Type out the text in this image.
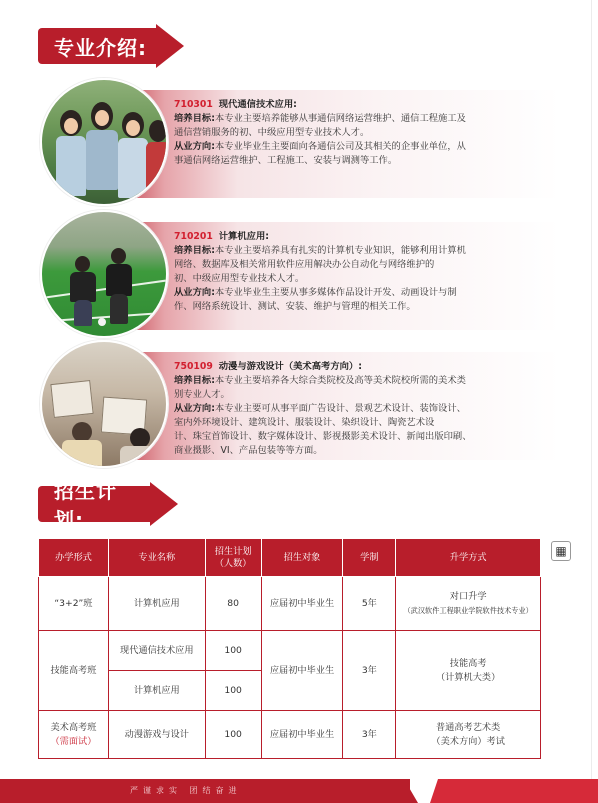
专业介绍:

710301 现代通信技术应用:

培养目标:本专业主要培养能够从事通信网络运营维护、通信工程施工及

通信营销服务的初、中级应用型专业技术人才。

从业方向:本专业毕业生主要面向各通信公司及其相关的企事业单位，从

事通信网络运营维护、工程施工、安装与调测等工作。

710201 计算机应用:

培养目标:本专业主要培养具有扎实的计算机专业知识，能够利用计算机

网络、数据库及相关常用软件应用解决办公自动化与网络维护的

初、中级应用型专业技术人才。

从业方向:本专业毕业生主要从事多媒体作品设计开发、动画设计与制

作、网络系统设计、测试、安装、维护与管理的相关工作。

750109 动漫与游戏设计（美术高考方向）:

培养目标:本专业主要培养各大综合类院校及高等美术院校所需的美术类

别专业人才。

从业方向:本专业主要可从事平面广告设计、景观艺术设计、装饰设计、

室内外环境设计、建筑设计、服装设计、染织设计、陶瓷艺术设

计、珠宝首饰设计、数字媒体设计、影视摄影美术设计、新闻出版印刷、

商业摄影、VI、产品包装等等方面。

招生计划:
办学形式	专业名称	招生计划
（人数）	招生对象	学制	升学方式
“3+2”班	计算机应用	80	应届初中毕业生	5年	对口升学
（武汉软件工程职业学院软件技术专业）
技能高考班	现代通信技术应用	100	应届初中毕业生	3年	技能高考
（计算机大类）
	计算机应用	100			
美术高考班
（需面试）	动漫游戏与设计	100	应届初中毕业生	3年	普通高考艺术类
（美术方向）考试
▦
严谨求实 团结奋进
